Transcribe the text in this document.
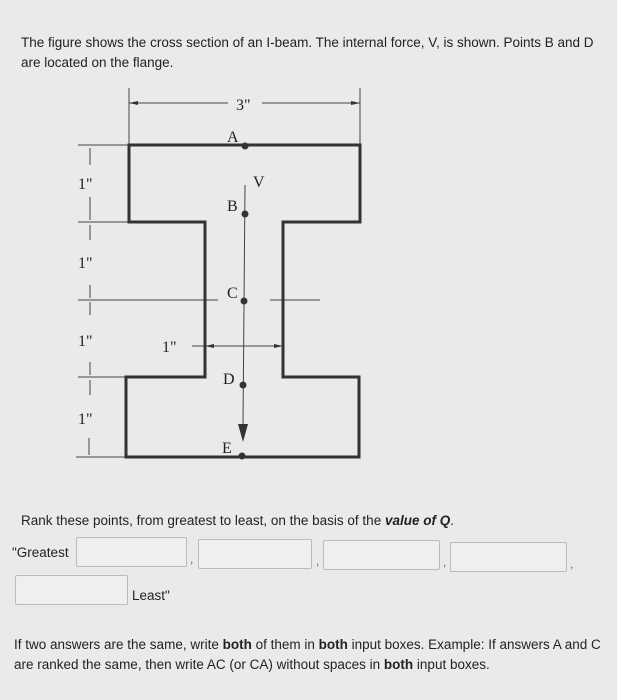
The figure shows the cross section of an I-beam. The internal force, V, is shown. Points B and D are located on the flange.
3"
1"
1"
1"
1"
1"
V
A
B
C
D
E
Rank these points, from greatest to least, on the basis of the value of Q.
"Greatest	,	,	,	,
Least"
If two answers are the same, write both of them in both input boxes. Example: If answers A and C are ranked the same, then write AC (or CA) without spaces in both input boxes.
